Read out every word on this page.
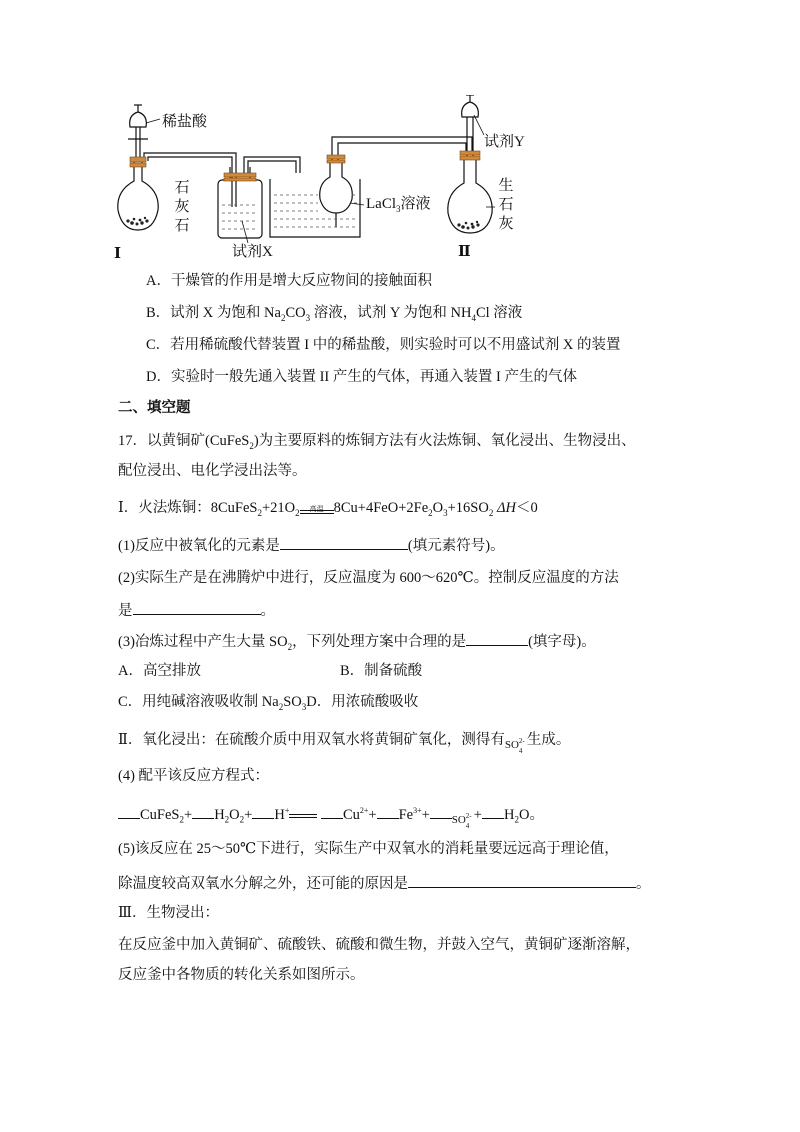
稀盐酸
石灰石
试剂X
LaCl$_3$溶液
试剂Y
生石灰
Ⅰ	Ⅱ
A．干燥管的作用是增大反应物间的接触面积
B．试剂 X 为饱和 $Na_2CO_3$ 溶液，试剂 Y 为饱和 $NH_4Cl$ 溶液
C．若用稀硫酸代替装置 I 中的稀盐酸，则实验时可以不用盛试剂 X 的装置
D．实验时一般先通入装置 II 产生的气体，再通入装置 I 产生的气体
二、填空题
17．以黄铜矿(CuFeS$_2$)为主要原料的炼铜方法有火法炼铜、氧化浸出、生物浸出、
配位浸出、电化学浸出法等。
Ⅰ．火法炼铜：$8CuFeS_2+21O_2$	高温 $8Cu+4FeO+2Fe_2O_3+16SO_2$ ΔH＜0
(1)反应中被氧化的元素是	(填元素符号)。
(2)实际生产是在沸腾炉中进行，反应温度为 600～620℃。控制反应温度的方法
是	。
(3)冶炼过程中产生大量 $SO_2$，下列处理方案中合理的是	(填字母)。
A．高空排放	B．制备硫酸
C．用纯碱溶液吸收制 $Na_2SO_3D$．用浓硫酸吸收
Ⅱ．氧化浸出：在硫酸介质中用双氧水将黄铜矿氧化，测得有 SO 2-
4
生成。
(4) 配平该反应方程式：
CuFeS$_2$+ $H_2O_2+ H^+$	$Cu^{2+}+ Fe^{3+}+$ SO 2-
4
+ $H_2O$。
(5)该反应在 25～50℃下进行，实际生产中双氧水的消耗量要远远高于理论值，
除温度较高双氧水分解之外，还可能的原因是	。
Ⅲ．生物浸出：
在反应釜中加入黄铜矿、硫酸铁、硫酸和微生物，并鼓入空气，黄铜矿逐渐溶解，
反应釜中各物质的转化关系如图所示。
